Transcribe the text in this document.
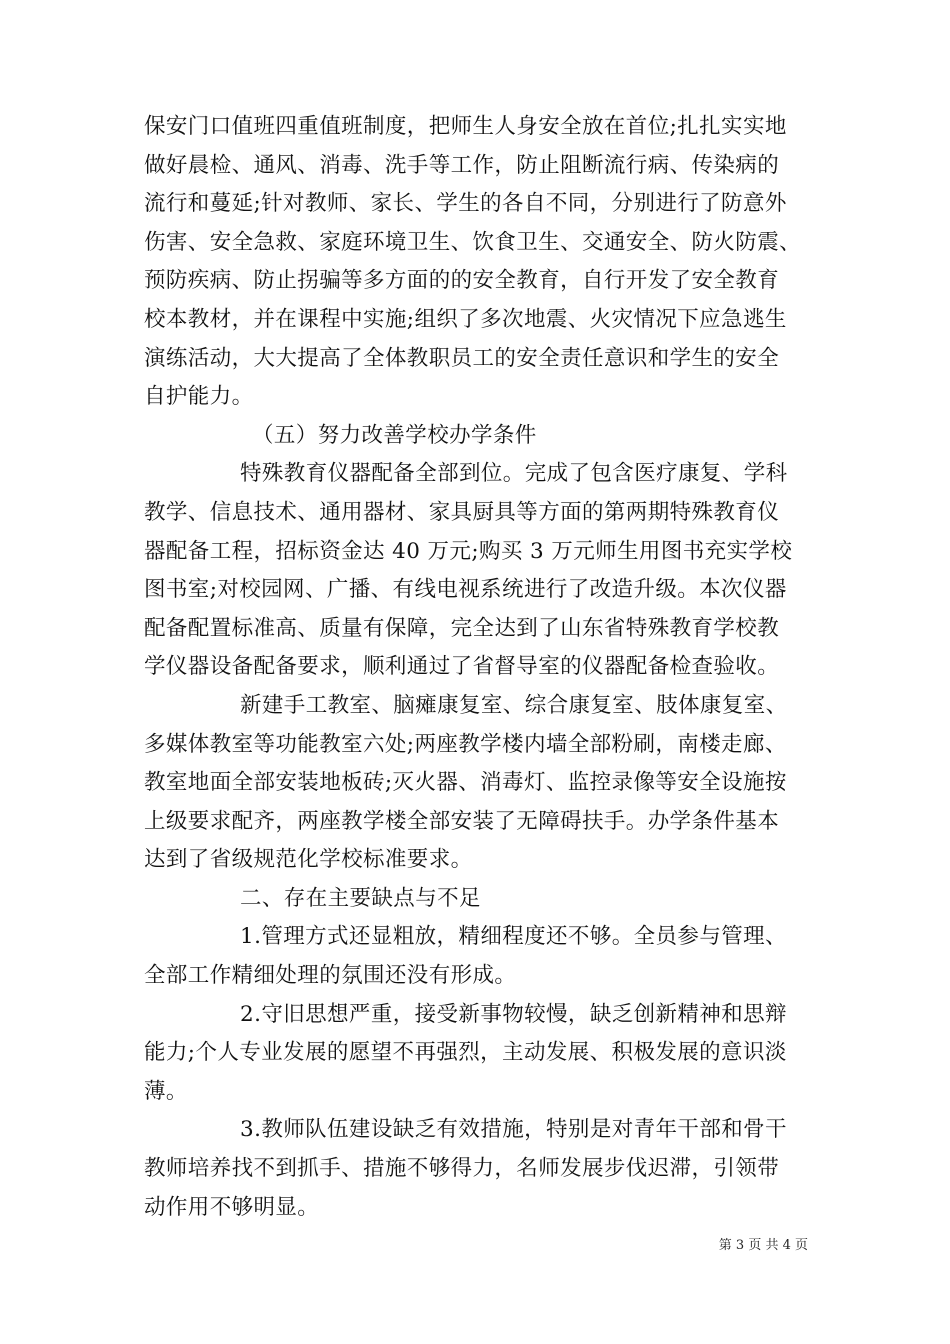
保安门口值班四重值班制度，把师生人身安全放在首位;扎扎实实地
做好晨检、通风、消毒、洗手等工作，防止阻断流行病、传染病的
流行和蔓延;针对教师、家长、学生的各自不同，分别进行了防意外
伤害、安全急救、家庭环境卫生、饮食卫生、交通安全、防火防震、
预防疾病、防止拐骗等多方面的的安全教育，自行开发了安全教育
校本教材，并在课程中实施;组织了多次地震、火灾情况下应急逃生
演练活动，大大提高了全体教职员工的安全责任意识和学生的安全
自护能力。
（五）努力改善学校办学条件
特殊教育仪器配备全部到位。完成了包含医疗康复、学科
教学、信息技术、通用器材、家具厨具等方面的第两期特殊教育仪
器配备工程，招标资金达 40 万元;购买 3 万元师生用图书充实学校
图书室;对校园网、广播、有线电视系统进行了改造升级。本次仪器
配备配置标准高、质量有保障，完全达到了山东省特殊教育学校教
学仪器设备配备要求，顺利通过了省督导室的仪器配备检查验收。
新建手工教室、脑瘫康复室、综合康复室、肢体康复室、
多媒体教室等功能教室六处;两座教学楼内墙全部粉刷，南楼走廊、
教室地面全部安装地板砖;灭火器、消毒灯、监控录像等安全设施按
上级要求配齐，两座教学楼全部安装了无障碍扶手。办学条件基本
达到了省级规范化学校标准要求。
二、存在主要缺点与不足
1.管理方式还显粗放，精细程度还不够。全员参与管理、
全部工作精细处理的氛围还没有形成。
2.守旧思想严重，接受新事物较慢，缺乏创新精神和思辩
能力;个人专业发展的愿望不再强烈，主动发展、积极发展的意识淡
薄。
3.教师队伍建设缺乏有效措施，特别是对青年干部和骨干
教师培养找不到抓手、措施不够得力，名师发展步伐迟滞，引领带
动作用不够明显。
第 3 页 共 4 页
